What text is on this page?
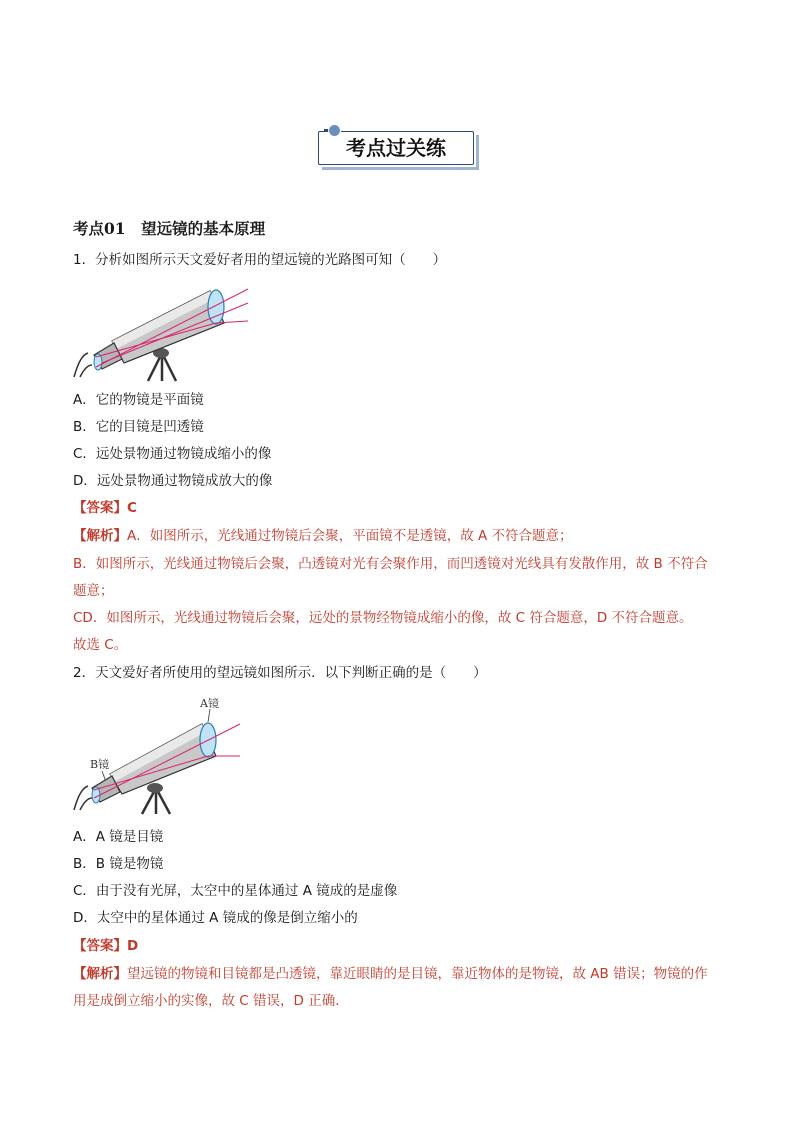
考点过关练
考点01　望远镜的基本原理
1．分析如图所示天文爱好者用的望远镜的光路图可知（　　）
A．它的物镜是平面镜
B．它的目镜是凹透镜
C．远处景物通过物镜成缩小的像
D．远处景物通过物镜成放大的像
【答案】C
【解析】A．如图所示，光线通过物镜后会聚，平面镜不是透镜，故 A 不符合题意；
B．如图所示，光线通过物镜后会聚，凸透镜对光有会聚作用，而凹透镜对光线具有发散作用，故 B 不符合
题意；
CD．如图所示，光线通过物镜后会聚，远处的景物经物镜成缩小的像，故 C 符合题意，D 不符合题意。
故选 C。
2．天文爱好者所使用的望远镜如图所示．以下判断正确的是（　　）
A镜
B镜
A．A 镜是目镜
B．B 镜是物镜
C．由于没有光屏，太空中的星体通过 A 镜成的是虚像
D．太空中的星体通过 A 镜成的像是倒立缩小的
【答案】D
【解析】望远镜的物镜和目镜都是凸透镜，靠近眼睛的是目镜，靠近物体的是物镜，故 AB 错误；物镜的作
用是成倒立缩小的实像，故 C 错误，D 正确．
